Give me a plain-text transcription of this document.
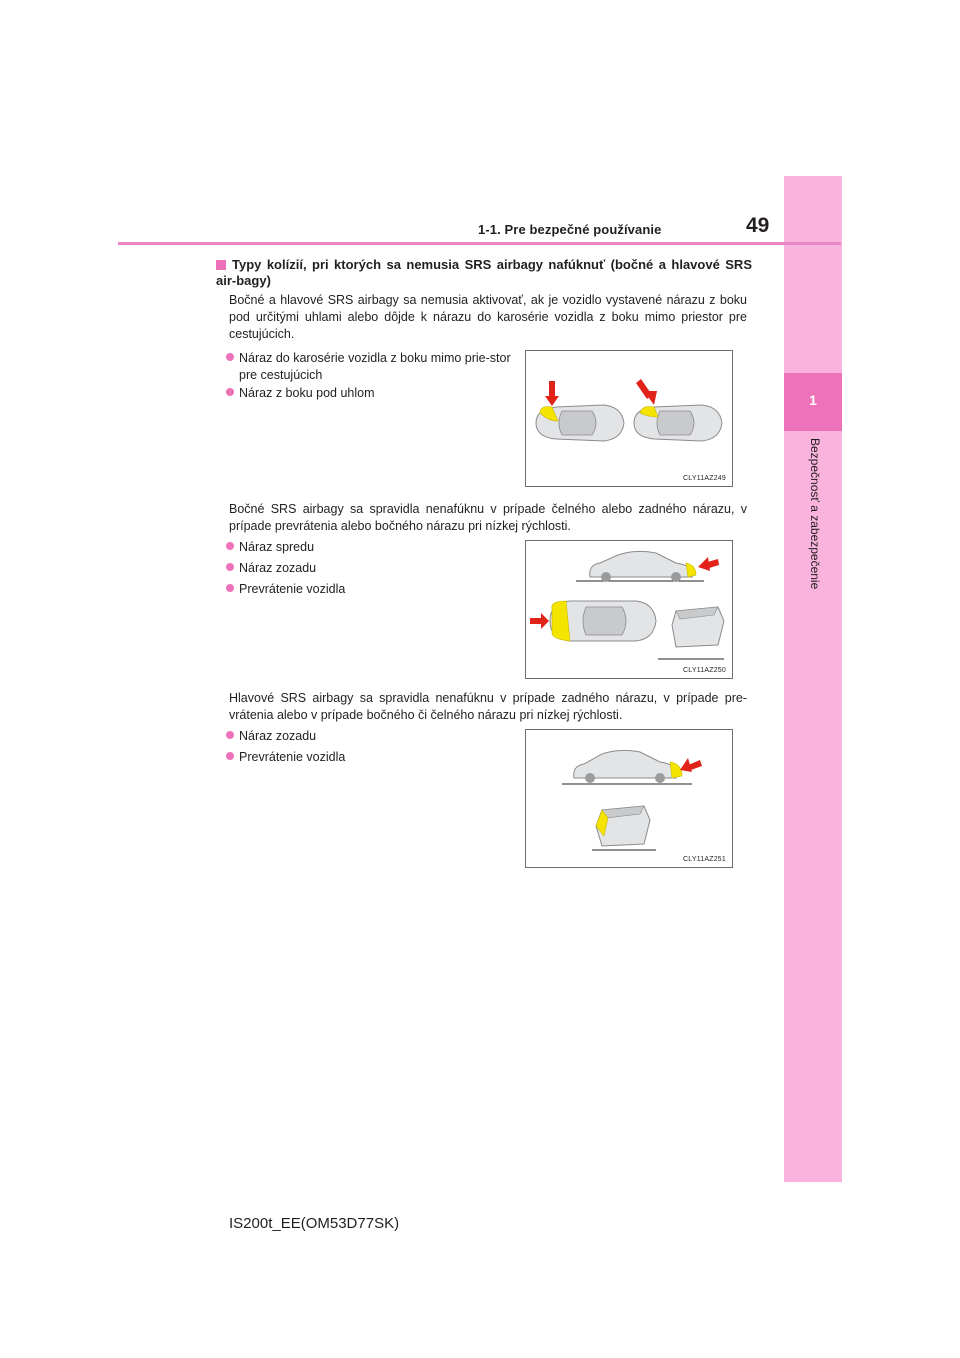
1
Bezpečnosť a zabezpečenie
1-1. Pre bezpečné používanie	49
Typy kolízií, pri ktorých sa nemusia SRS airbagy nafúknuť (bočné a hlavové SRS air-bagy)
Bočné a hlavové SRS airbagy sa nemusia aktivovať, ak je vozidlo vystavené nárazu z boku pod určitými uhlami alebo dôjde k nárazu do karosérie vozidla z boku mimo priestor pre cestujúcich.
Náraz do karosérie vozidla z boku mimo prie-stor pre cestujúcich
Náraz z boku pod uhlom
CLY11AZ249
Bočné SRS airbagy sa spravidla nenafúknu v prípade čelného alebo zadného nárazu, v prípade prevrátenia alebo bočného nárazu pri nízkej rýchlosti.
Náraz spredu
Náraz zozadu
Prevrátenie vozidla
CLY11AZ250
Hlavové SRS airbagy sa spravidla nenafúknu v prípade zadného nárazu, v prípade pre-vrátenia alebo v prípade bočného či čelného nárazu pri nízkej rýchlosti.
Náraz zozadu
Prevrátenie vozidla
CLY11AZ251
IS200t_EE(OM53D77SK)
